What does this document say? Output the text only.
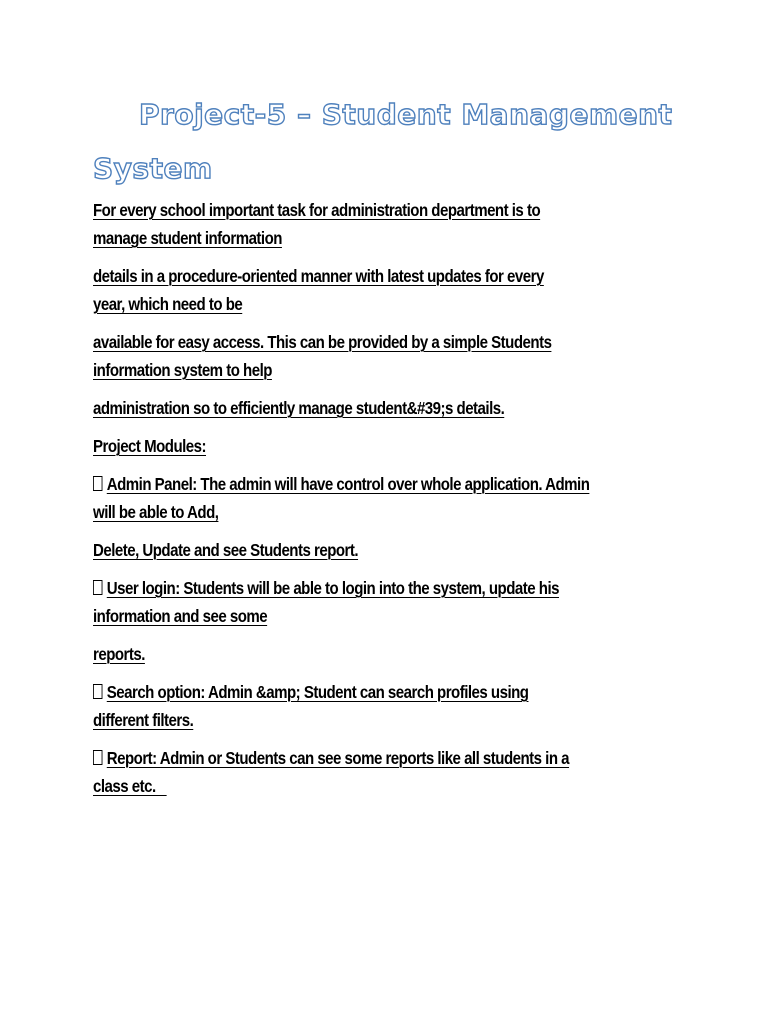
Project-5 – Student Management
System
For every school important task for administration department is to
manage student information
details in a procedure-oriented manner with latest updates for every
year, which need to be
available for easy access. This can be provided by a simple Students
information system to help
administration so to efficiently manage student&#39;s details.
Project Modules:
Admin Panel: The admin will have control over whole application. Admin
will be able to Add,
Delete, Update and see Students report.
User login: Students will be able to login into the system, update his
information and see some
reports.
Search option: Admin &amp; Student can search profiles using
different filters.
Report: Admin or Students can see some reports like all students in a
class etc.
